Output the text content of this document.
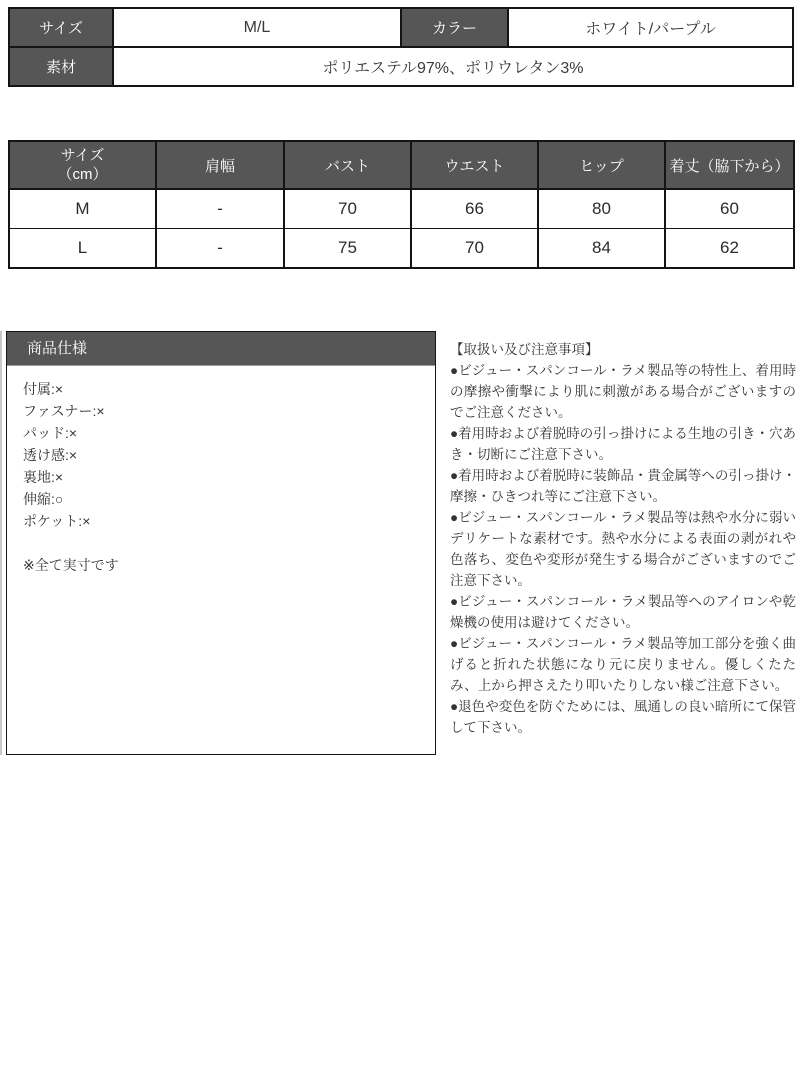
サイズ	M/L	カラー	ホワイト/パープル
素材	ポリエステル97%、ポリウレタン3%		
サイズ
（cm）	肩幅	バスト	ウエスト	ヒップ	着丈（脇下から）
M	-	70	66	80	60
L	-	75	70	84	62
商品仕様

付属:×

ファスナー:×

パッド:×

透け感:×

裏地:×

伸縮:○

ポケット:×

※全て実寸です

【取扱い及び注意事項】

●ビジュー・スパンコール・ラメ製品等の特性上、着用時の摩擦や衝撃により肌に刺激がある場合がございますのでご注意ください。

●着用時および着脱時の引っ掛けによる生地の引き・穴あき・切断にご注意下さい。

●着用時および着脱時に装飾品・貴金属等への引っ掛け・摩擦・ひきつれ等にご注意下さい。

●ビジュー・スパンコール・ラメ製品等は熱や水分に弱いデリケートな素材です。熱や水分による表面の剥がれや色落ち、変色や変形が発生する場合がございますのでご注意下さい。

●ビジュー・スパンコール・ラメ製品等へのアイロンや乾燥機の使用は避けてください。

●ビジュー・スパンコール・ラメ製品等加工部分を強く曲げると折れた状態になり元に戻りません。優しくたたみ、上から押さえたり叩いたりしない様ご注意下さい。

●退色や変色を防ぐためには、風通しの良い暗所にて保管して下さい。
